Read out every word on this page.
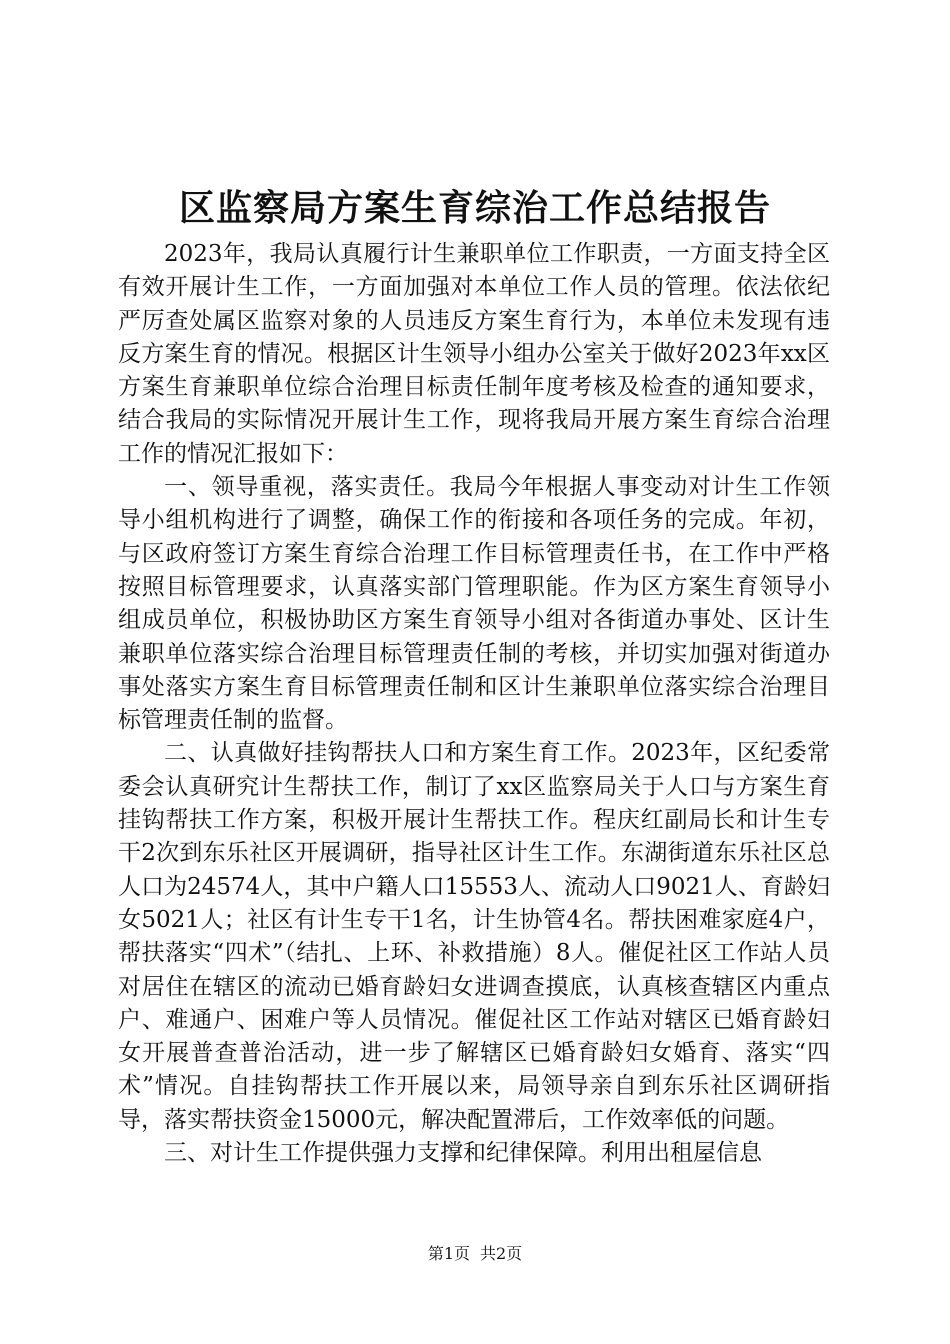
区监察局方案生育综治工作总结报告

2023年，我局认真履行计生兼职单位工作职责，一方面支持全区有效开展计生工作，一方面加强对本单位工作人员的管理。依法依纪严厉查处属区监察对象的人员违反方案生育行为，本单位未发现有违反方案生育的情况。根据区计生领导小组办公室关于做好2023年xx区方案生育兼职单位综合治理目标责任制年度考核及检查的通知要求，结合我局的实际情况开展计生工作，现将我局开展方案生育综合治理工作的情况汇报如下：

一、领导重视，落实责任。我局今年根据人事变动对计生工作领导小组机构进行了调整，确保工作的衔接和各项任务的完成。年初，与区政府签订方案生育综合治理工作目标管理责任书，在工作中严格按照目标管理要求，认真落实部门管理职能。作为区方案生育领导小组成员单位，积极协助区方案生育领导小组对各街道办事处、区计生兼职单位落实综合治理目标管理责任制的考核，并切实加强对街道办事处落实方案生育目标管理责任制和区计生兼职单位落实综合治理目标管理责任制的监督。

二、认真做好挂钩帮扶人口和方案生育工作。2023年，区纪委常委会认真研究计生帮扶工作，制订了xx区监察局关于人口与方案生育挂钩帮扶工作方案，积极开展计生帮扶工作。程庆红副局长和计生专干2次到东乐社区开展调研，指导社区计生工作。东湖街道东乐社区总人口为24574人，其中户籍人口15553人、流动人口9021人、育龄妇女5021人；社区有计生专干1名，计生协管4名。帮扶困难家庭4户，帮扶落实“四术”（结扎、上环、补救措施）8人。催促社区工作站人员对居住在辖区的流动已婚育龄妇女进调查摸底，认真核查辖区内重点户、难通户、困难户等人员情况。催促社区工作站对辖区已婚育龄妇女开展普查普治活动，进一步了解辖区已婚育龄妇女婚育、落实“四术”情况。自挂钩帮扶工作开展以来，局领导亲自到东乐社区调研指导，落实帮扶资金15000元，解决配置滞后，工作效率低的问题。

三、对计生工作提供强力支撑和纪律保障。利用出租屋信息

第1页 共2页
